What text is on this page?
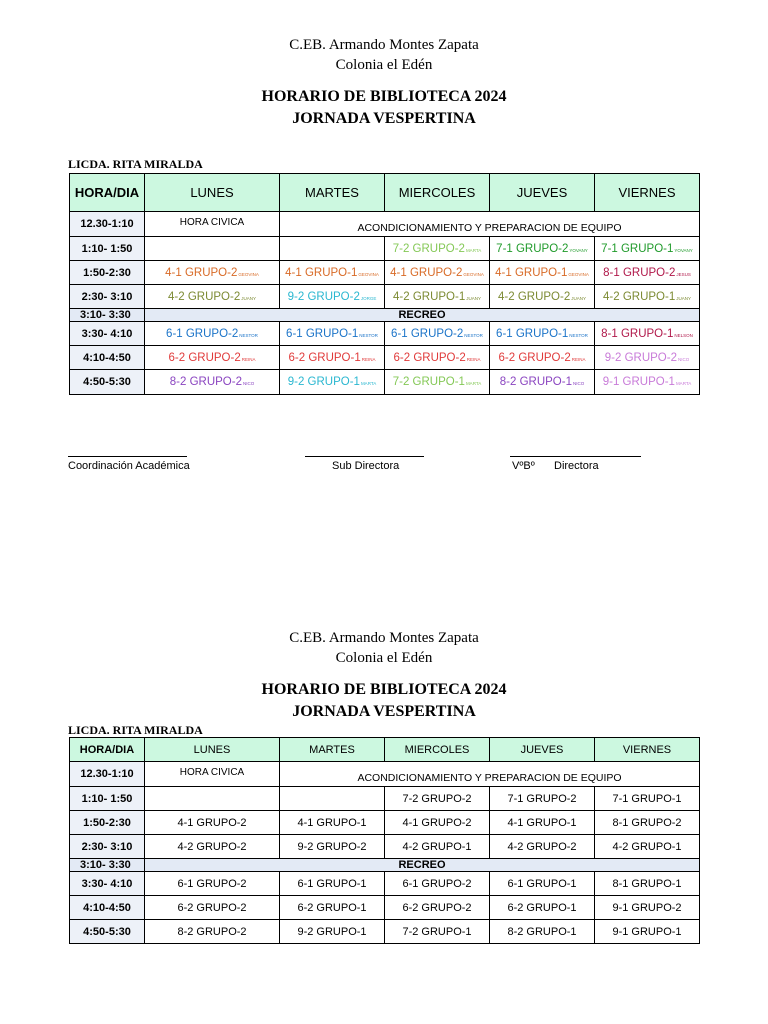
C.EB. Armando Montes Zapata
Colonia el Edén
HORARIO DE BIBLIOTECA 2024
JORNADA VESPERTINA
LICDA. RITA MIRALDA
HORA/DIA	LUNES	MARTES	MIERCOLES	JUEVES	VIERNES
12.30-1:10	HORA CIVICA	ACONDICIONAMIENTO Y PREPARACION DE EQUIPO			
1:10- 1:50			7-2 GRUPO-2MARTA	7-1 GRUPO-2YOVANY	7-1 GRUPO-1YOVANY
1:50-2:30	4-1 GRUPO-2GEOVINA	4-1 GRUPO-1GEOVINA	4-1 GRUPO-2GEOVINA	4-1 GRUPO-1GEOVINA	8-1 GRUPO-2JESUS
2:30- 3:10	4-2 GRUPO-2JUANY	9-2 GRUPO-2JORGE	4-2 GRUPO-1JUANY	4-2 GRUPO-2JUANY	4-2 GRUPO-1JUANY
3:10- 3:30	RECREO				
3:30- 4:10	6-1 GRUPO-2NESTOR	6-1 GRUPO-1NESTOR	6-1 GRUPO-2NESTOR	6-1 GRUPO-1NESTOR	8-1 GRUPO-1NELSON
4:10-4:50	6-2 GRUPO-2REINA	6-2 GRUPO-1REINA	6-2 GRUPO-2REINA	6-2 GRUPO-2REINA	9-2 GRUPO-2NICO
4:50-5:30	8-2 GRUPO-2NICO	9-2 GRUPO-1MARTA	7-2 GRUPO-1MARTA	8-2 GRUPO-1NICO	9-1 GRUPO-1MARTA
Coordinación Académica	Sub Directora	VºBº Directora
C.EB. Armando Montes Zapata
Colonia el Edén
HORARIO DE BIBLIOTECA 2024
JORNADA VESPERTINA
LICDA. RITA MIRALDA
HORA/DIA	LUNES	MARTES	MIERCOLES	JUEVES	VIERNES
12.30-1:10	HORA CIVICA	ACONDICIONAMIENTO Y PREPARACION DE EQUIPO			
1:10- 1:50			7-2 GRUPO-2	7-1 GRUPO-2	7-1 GRUPO-1
1:50-2:30	4-1 GRUPO-2	4-1 GRUPO-1	4-1 GRUPO-2	4-1 GRUPO-1	8-1 GRUPO-2
2:30- 3:10	4-2 GRUPO-2	9-2 GRUPO-2	4-2 GRUPO-1	4-2 GRUPO-2	4-2 GRUPO-1
3:10- 3:30	RECREO				
3:30- 4:10	6-1 GRUPO-2	6-1 GRUPO-1	6-1 GRUPO-2	6-1 GRUPO-1	8-1 GRUPO-1
4:10-4:50	6-2 GRUPO-2	6-2 GRUPO-1	6-2 GRUPO-2	6-2 GRUPO-1	9-1 GRUPO-2
4:50-5:30	8-2 GRUPO-2	9-2 GRUPO-1	7-2 GRUPO-1	8-2 GRUPO-1	9-1 GRUPO-1
